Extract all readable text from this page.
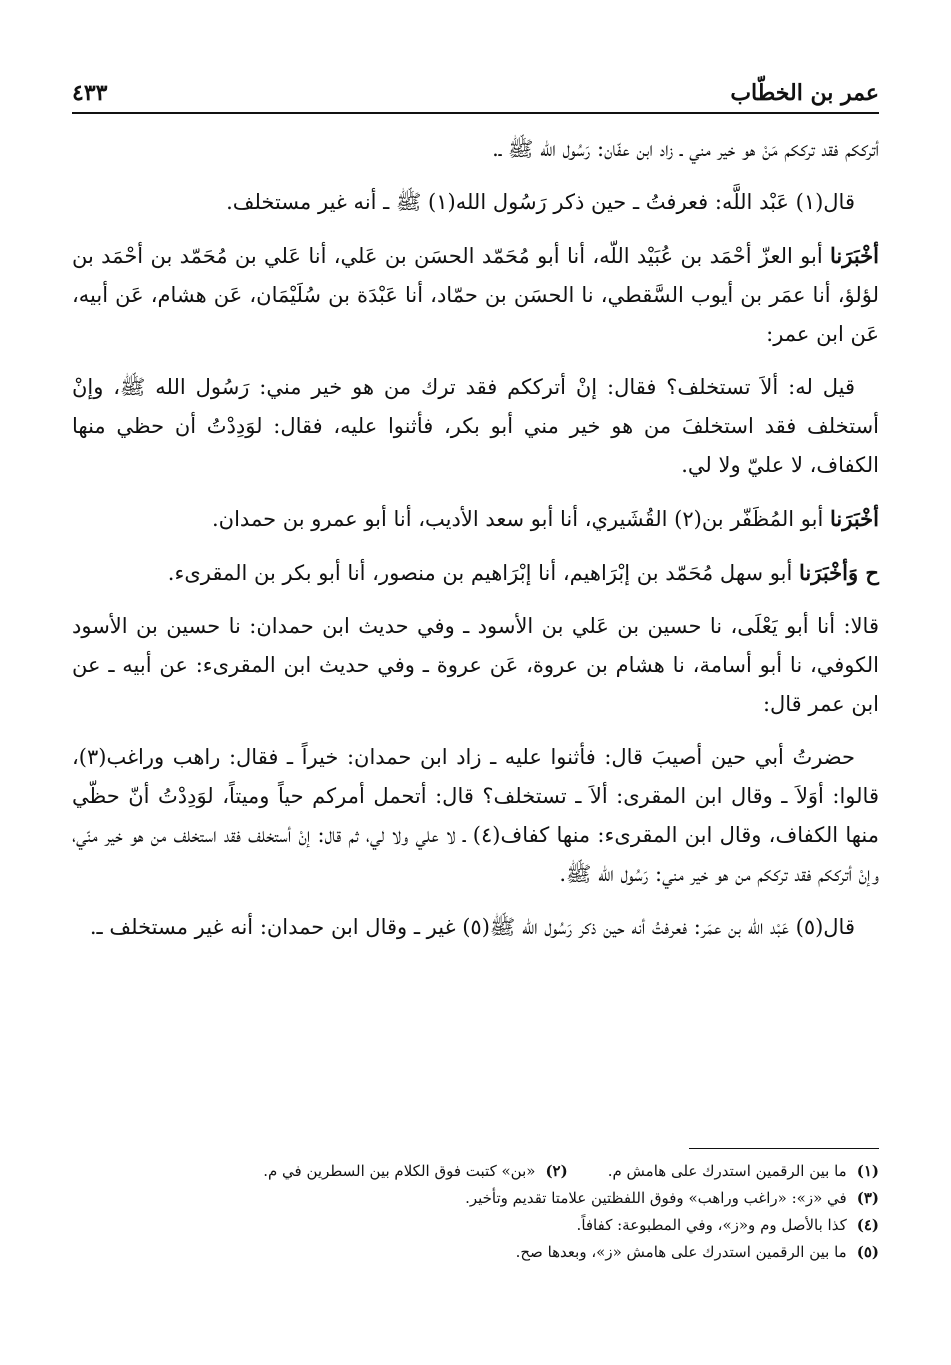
عمر بن الخطّاب
٤٣٣

أترككم فقد ترككم مَنْ هو خير مني ـ زاد ابن عفّان: رَسُول الله ﷺ ـ.

قال(١) عَبْد اللَّه: فعرفتُ ـ حين ذكر رَسُول الله(١) ﷺ ـ أنه غير مستخلف.

أخْبَرَنا أبو العزّ أحْمَد بن عُبَيْد اللّه، أنا أبو مُحَمّد الحسَن بن عَلي، أنا عَلي بن مُحَمّد بن أحْمَد بن لؤلؤ، أنا عمَر بن أيوب السَّقطي، نا الحسَن بن حمّاد، أنا عَبْدَة بن سُلَيْمَان، عَن هشام، عَن أبيه، عَن ابن عمر:

قيل له: ألاَ تستخلف؟ فقال: إنْ أترككم فقد ترك من هو خير مني: رَسُول الله ﷺ، وإنْ أستخلف فقد استخلفَ من هو خير مني أبو بكر، فأثنوا عليه، فقال: لوَدِدْتُ أن حظي منها الكفاف، لا عليّ ولا لي.

أخْبَرَنا أبو المُظَفّر بن(٢) القُشَيري، أنا أبو سعد الأديب، أنا أبو عمرو بن حمدان.

ح وَأخْبَرَنا أبو سهل مُحَمّد بن إبْرَاهيم، أنا إبْرَاهيم بن منصور، أنا أبو بكر بن المقرىء.

قالا: أنا أبو يَعْلَى، نا حسين بن عَلي بن الأسود ـ وفي حديث ابن حمدان: نا حسين بن الأسود الكوفي، نا أبو أسامة، نا هشام بن عروة، عَن عروة ـ وفي حديث ابن المقرىء: عن أبيه ـ عن ابن عمر قال:

حضرتُ أبي حين أصيبَ قال: فأثنوا عليه ـ زاد ابن حمدان: خيراً ـ فقال: راهب وراغب(٣)، قالوا: أوَلاَ ـ وقال ابن المقرى: ألاَ ـ تستخلف؟ قال: أتحمل أمركم حياً وميتاً، لوَدِدْتُ أنّ حظّي منها الكفاف، وقال ابن المقرىء: منها كفاف(٤) ـ لا علي ولا لي، ثم قال: إنْ أستخلف فقد استخلف من هو خير منّي، وإنْ أترككم فقد ترككم من هو خير مني: رَسُول الله ﷺ.

قال(٥) عَبْد اللّه بن عمَر: فعرفتُ أنه حين ذكر رَسُول الله ﷺ(٥) غير ـ وقال ابن حمدان: أنه غير مستخلف ـ.

(١)ما بين الرقمين استدرك على هامش م.
(٢)«بن» كتبت فوق الكلام بين السطرين في م.
(٣)في «ز»: «راغب وراهب» وفوق اللفظتين علامتا تقديم وتأخير.
(٤)كذا بالأصل وم و«ز»، وفي المطبوعة: كفافاً.
(٥)ما بين الرقمين استدرك على هامش «ز»، وبعدها صح.
